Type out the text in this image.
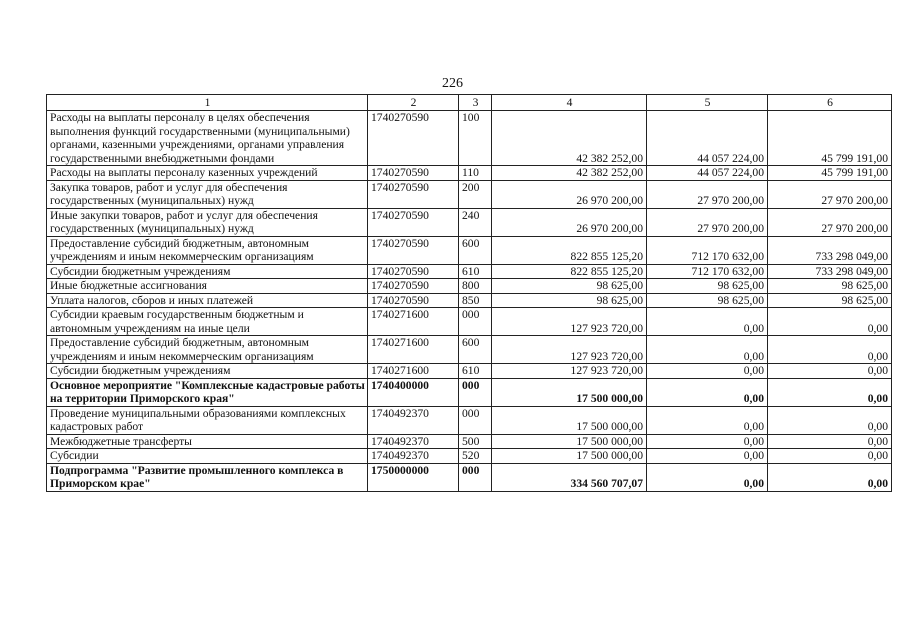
226
1	2	3	4	5	6
Расходы на выплаты персоналу в целях обеспечения выполнения функций государственными (муниципальными) органами, казенными учреждениями, органами управления государственными внебюджетными фондами	1740270590	100	42 382 252,00	44 057 224,00	45 799 191,00
Расходы на выплаты персоналу казенных учреждений	1740270590	110	42 382 252,00	44 057 224,00	45 799 191,00
Закупка товаров, работ и услуг для обеспечения государственных (муниципальных) нужд	1740270590	200	26 970 200,00	27 970 200,00	27 970 200,00
Иные закупки товаров, работ и услуг для обеспечения государственных (муниципальных) нужд	1740270590	240	26 970 200,00	27 970 200,00	27 970 200,00
Предоставление субсидий бюджетным, автономным учреждениям и иным некоммерческим организациям	1740270590	600	822 855 125,20	712 170 632,00	733 298 049,00
Субсидии бюджетным учреждениям	1740270590	610	822 855 125,20	712 170 632,00	733 298 049,00
Иные бюджетные ассигнования	1740270590	800	98 625,00	98 625,00	98 625,00
Уплата налогов, сборов и иных платежей	1740270590	850	98 625,00	98 625,00	98 625,00
Субсидии краевым государственным бюджетным и автономным учреждениям на иные цели	1740271600	000	127 923 720,00	0,00	0,00
Предоставление субсидий бюджетным, автономным учреждениям и иным некоммерческим организациям	1740271600	600	127 923 720,00	0,00	0,00
Субсидии бюджетным учреждениям	1740271600	610	127 923 720,00	0,00	0,00
Основное мероприятие "Комплексные кадастровые работы на территории Приморского края"	1740400000	000	17 500 000,00	0,00	0,00
Проведение муниципальными образованиями комплексных кадастровых работ	1740492370	000	17 500 000,00	0,00	0,00
Межбюджетные трансферты	1740492370	500	17 500 000,00	0,00	0,00
Субсидии	1740492370	520	17 500 000,00	0,00	0,00
Подпрограмма "Развитие промышленного комплекса в Приморском крае"	1750000000	000	334 560 707,07	0,00	0,00
